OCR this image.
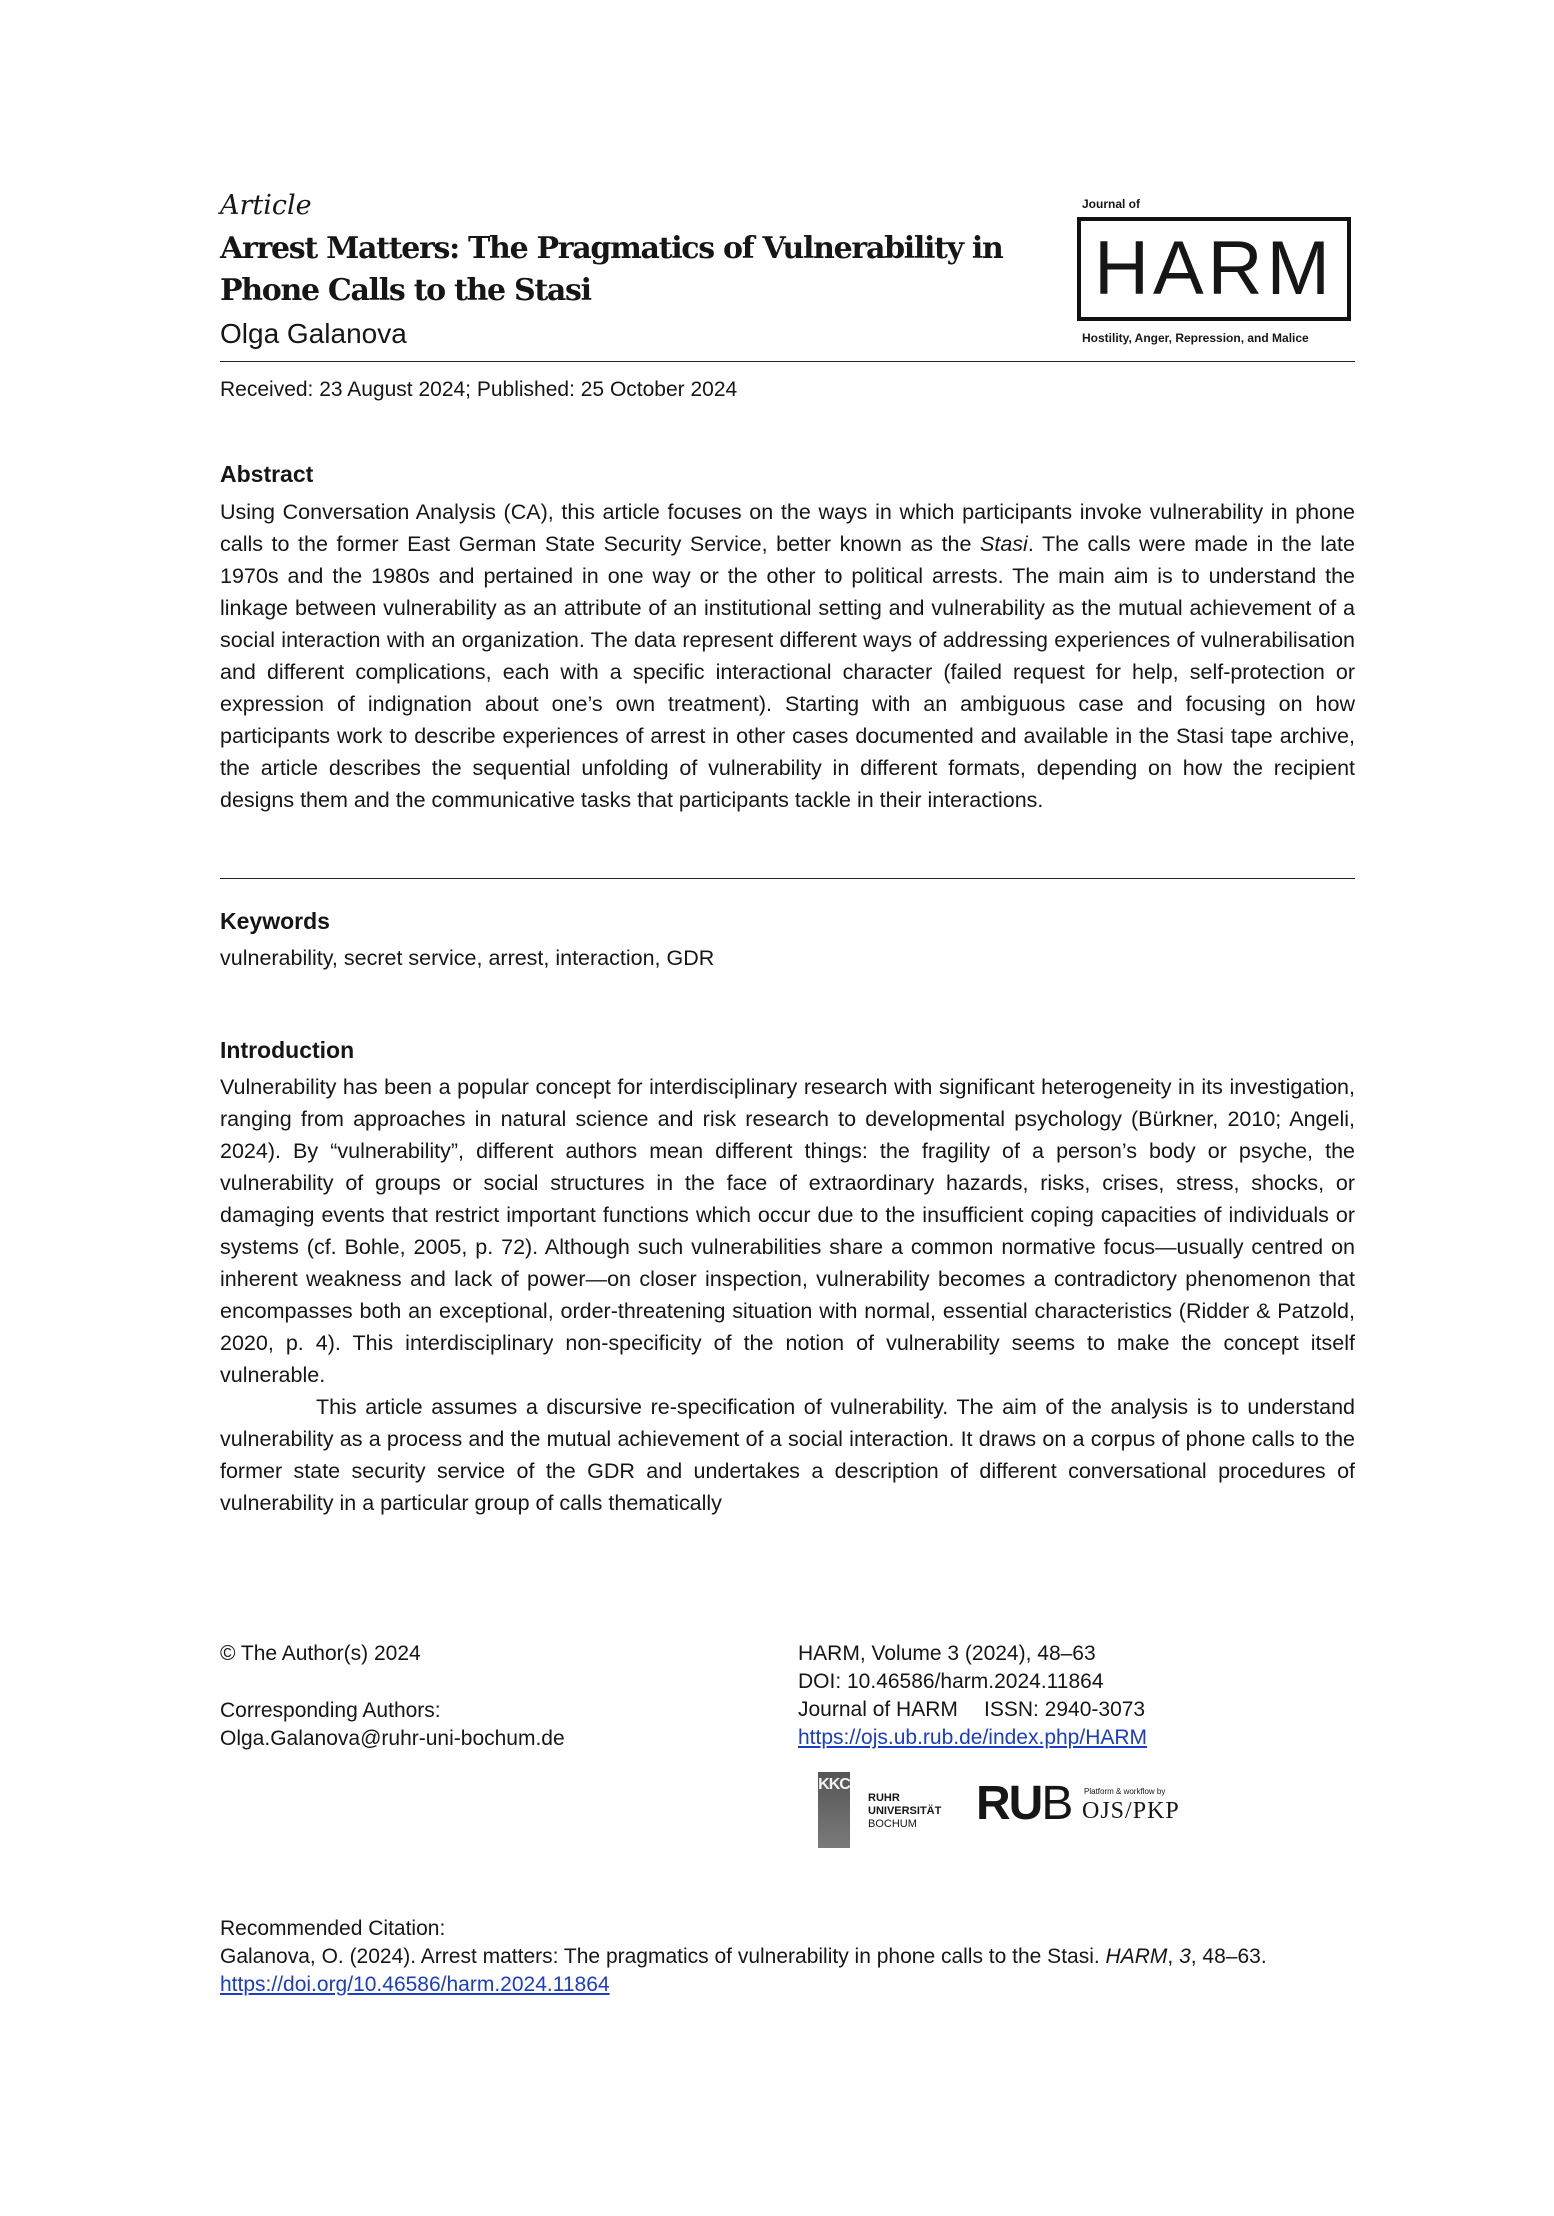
Article
Arrest Matters: The Pragmatics of Vulnerability in
Phone Calls to the Stasi
Olga Galanova
Journal of
HARM
Hostility, Anger, Repression, and Malice
Received: 23 August 2024; Published: 25 October 2024
Abstract
Using Conversation Analysis (CA), this article focuses on the ways in which participants invoke vulnerability in phone calls to the former East German State Security Service, better known as the Stasi. The calls were made in the late 1970s and the 1980s and pertained in one way or the other to political arrests. The main aim is to understand the linkage between vulnerability as an attribute of an institutional setting and vulnerability as the mutual achievement of a social interaction with an organization. The data represent different ways of addressing experiences of vulnerabilisation and different complications, each with a specific interactional character (failed request for help, self-protection or expression of indignation about one’s own treatment). Starting with an ambiguous case and focusing on how participants work to describe experiences of arrest in other cases documented and available in the Stasi tape archive, the article describes the sequential unfolding of vulnerability in different formats, depending on how the recipient designs them and the communicative tasks that participants tackle in their interactions.
Keywords
vulnerability, secret service, arrest, interaction, GDR
Introduction

Vulnerability has been a popular concept for interdisciplinary research with significant heterogeneity in its investigation, ranging from approaches in natural science and risk research to developmental psychology (Bürkner, 2010; Angeli, 2024). By “vulnerability”, different authors mean different things: the fragility of a person’s body or psyche, the vulnerability of groups or social structures in the face of extraordinary hazards, risks, crises, stress, shocks, or damaging events that restrict important functions which occur due to the insufficient coping capacities of individuals or systems (cf. Bohle, 2005, p. 72). Although such vulnerabilities share a common normative focus—usually centred on inherent weakness and lack of power—on closer inspection, vulnerability becomes a contradictory phenomenon that encompasses both an exceptional, order-threatening situation with normal, essential characteristics (Ridder & Patzold, 2020, p. 4). This interdisciplinary non-specificity of the notion of vulnerability seems to make the concept itself vulnerable.

This article assumes a discursive re-specification of vulnerability. The aim of the analysis is to understand vulnerability as a process and the mutual achievement of a social interaction. It draws on a corpus of phone calls to the former state security service of the GDR and undertakes a description of different conversational procedures of vulnerability in a particular group of calls thematically

© The Author(s) 2024
Corresponding Authors:
Olga.Galanova@ruhr-uni-bochum.de
HARM, Volume 3 (2024), 48–63
DOI: 10.46586/harm.2024.11864
Journal of HARM ISSN: 2940-3073
https://ojs.ub.rub.de/index.php/HARM
KKC
RUHR
UNIVERSITÄT
BOCHUM	RUB Platform & workflow by
OJS/PKP
Recommended Citation:
Galanova, O. (2024). Arrest matters: The pragmatics of vulnerability in phone calls to the Stasi. HARM, 3, 48–63. https://doi.org/10.46586/harm.2024.11864
